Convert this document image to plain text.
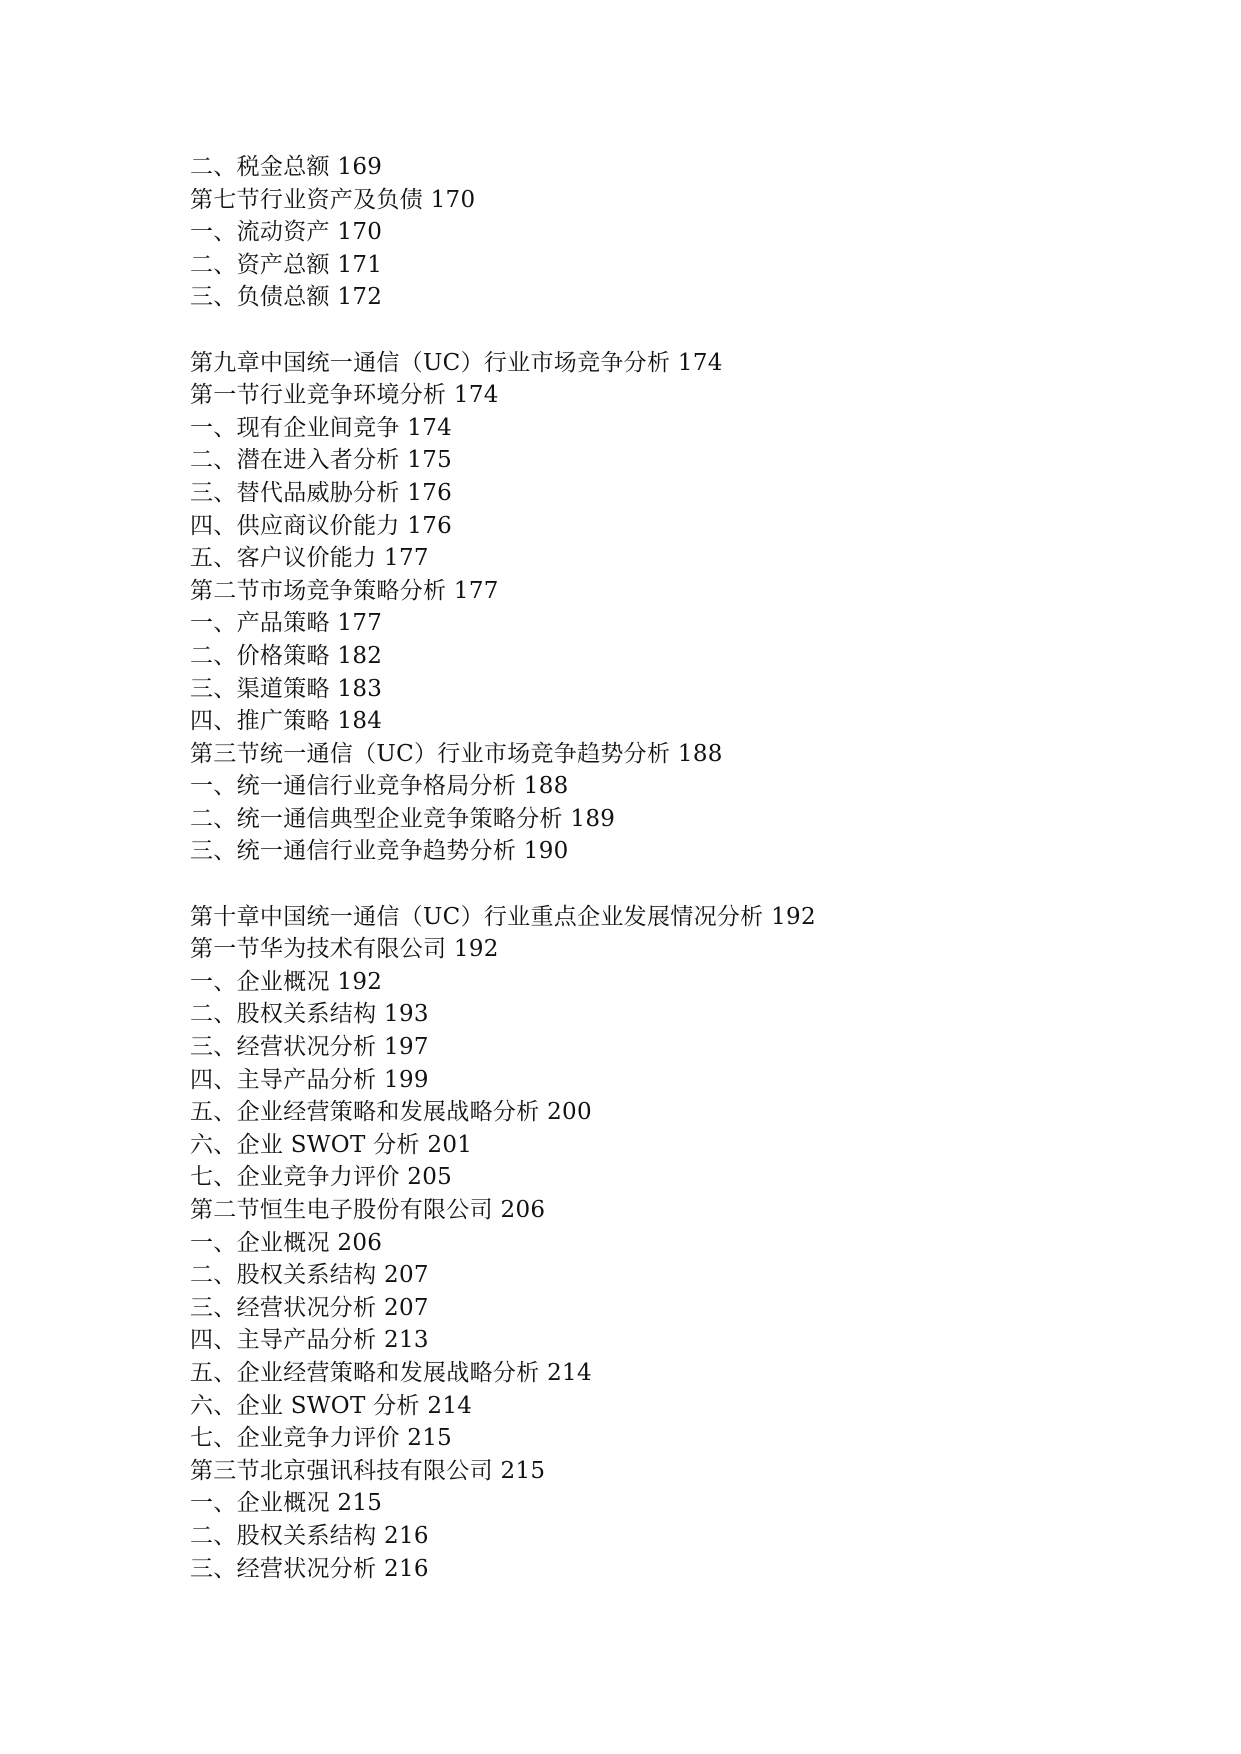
二、税金总额 169
第七节行业资产及负债 170
一、流动资产 170
二、资产总额 171
三、负债总额 172
第九章中国统一通信（UC）行业市场竞争分析 174
第一节行业竞争环境分析 174
一、现有企业间竞争 174
二、潜在进入者分析 175
三、替代品威胁分析 176
四、供应商议价能力 176
五、客户议价能力 177
第二节市场竞争策略分析 177
一、产品策略 177
二、价格策略 182
三、渠道策略 183
四、推广策略 184
第三节统一通信（UC）行业市场竞争趋势分析 188
一、统一通信行业竞争格局分析 188
二、统一通信典型企业竞争策略分析 189
三、统一通信行业竞争趋势分析 190
第十章中国统一通信（UC）行业重点企业发展情况分析 192
第一节华为技术有限公司 192
一、企业概况 192
二、股权关系结构 193
三、经营状况分析 197
四、主导产品分析 199
五、企业经营策略和发展战略分析 200
六、企业 SWOT 分析 201
七、企业竞争力评价 205
第二节恒生电子股份有限公司 206
一、企业概况 206
二、股权关系结构 207
三、经营状况分析 207
四、主导产品分析 213
五、企业经营策略和发展战略分析 214
六、企业 SWOT 分析 214
七、企业竞争力评价 215
第三节北京强讯科技有限公司 215
一、企业概况 215
二、股权关系结构 216
三、经营状况分析 216
